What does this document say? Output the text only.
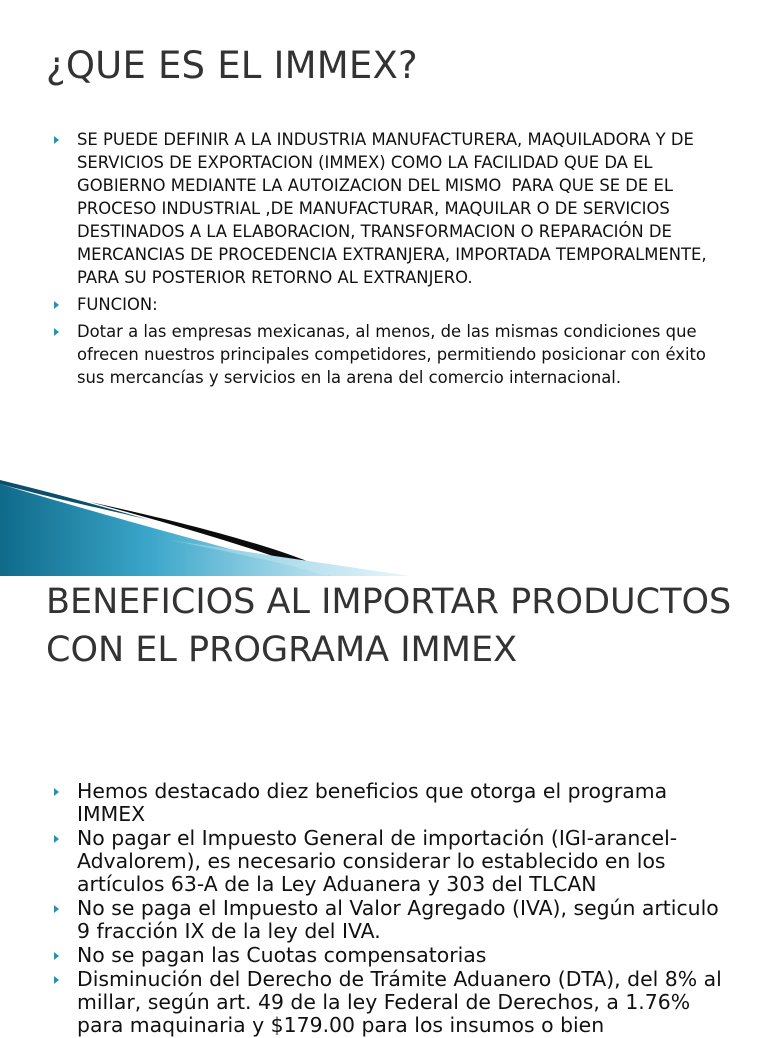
¿QUE ES EL IMMEX?
SE PUEDE DEFINIR A LA INDUSTRIA MANUFACTURERA, MAQUILADORA Y DE SERVICIOS DE EXPORTACION (IMMEX) COMO LA FACILIDAD QUE DA EL GOBIERNO MEDIANTE LA AUTOIZACION DEL MISMO  PARA QUE SE DE EL PROCESO INDUSTRIAL ,DE MANUFACTURAR, MAQUILAR O DE SERVICIOS DESTINADOS A LA ELABORACION, TRANSFORMACION O REPARACIÓN DE MERCANCIAS DE PROCEDENCIA EXTRANJERA, IMPORTADA TEMPORALMENTE, PARA SU POSTERIOR RETORNO AL EXTRANJERO.
FUNCION:
Dotar a las empresas mexicanas, al menos, de las mismas condiciones que ofrecen nuestros principales competidores, permitiendo posicionar con éxito sus mercancías y servicios en la arena del comercio internacional.
BENEFICIOS AL IMPORTAR PRODUCTOS CON EL PROGRAMA IMMEX
Hemos destacado diez beneficios que otorga el programa IMMEX
No pagar el Impuesto General de importación (IGI-arancel-Advalorem), es necesario considerar lo establecido en los artículos 63-A de la Ley Aduanera y 303 del TLCAN
No se paga el Impuesto al Valor Agregado (IVA), según articulo 9 fracción IX de la ley del IVA.
No se pagan las Cuotas compensatorias
Disminución del Derecho de Trámite Aduanero (DTA), del 8% al millar, según art. 49 de la ley Federal de Derechos, a 1.76% para maquinaria y $179.00 para los insumos o bien
